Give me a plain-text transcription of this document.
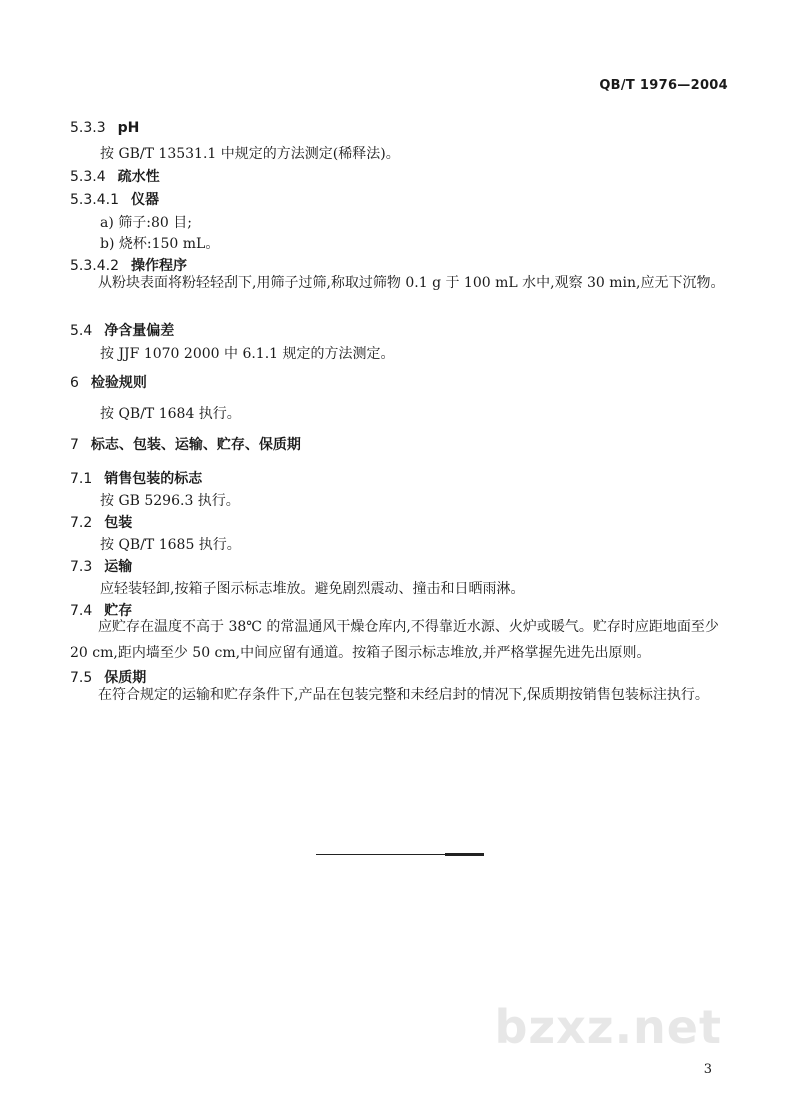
QB/T 1976—2004
5.3.3 pH
按 GB/T 13531.1 中规定的方法测定(稀释法)。
5.3.4 疏水性
5.3.4.1 仪器
a) 筛子:80 目;
b) 烧杯:150 mL。
5.3.4.2 操作程序
从粉块表面将粉轻轻刮下,用筛子过筛,称取过筛物 0.1 g 于 100 mL 水中,观察 30 min,应无下沉物。
5.4 净含量偏差
按 JJF 1070 2000 中 6.1.1 规定的方法测定。
6 检验规则
按 QB/T 1684 执行。
7 标志、包装、运输、贮存、保质期
7.1 销售包装的标志
按 GB 5296.3 执行。
7.2 包装
按 QB/T 1685 执行。
7.3 运输
应轻装轻卸,按箱子图示标志堆放。避免剧烈震动、撞击和日晒雨淋。
7.4 贮存
应贮存在温度不高于 38℃ 的常温通风干燥仓库内,不得靠近水源、火炉或暖气。贮存时应距地面至少 20 cm,距内墙至少 50 cm,中间应留有通道。按箱子图示标志堆放,并严格掌握先进先出原则。
7.5 保质期
在符合规定的运输和贮存条件下,产品在包装完整和未经启封的情况下,保质期按销售包装标注执行。
bzxz.net
3
